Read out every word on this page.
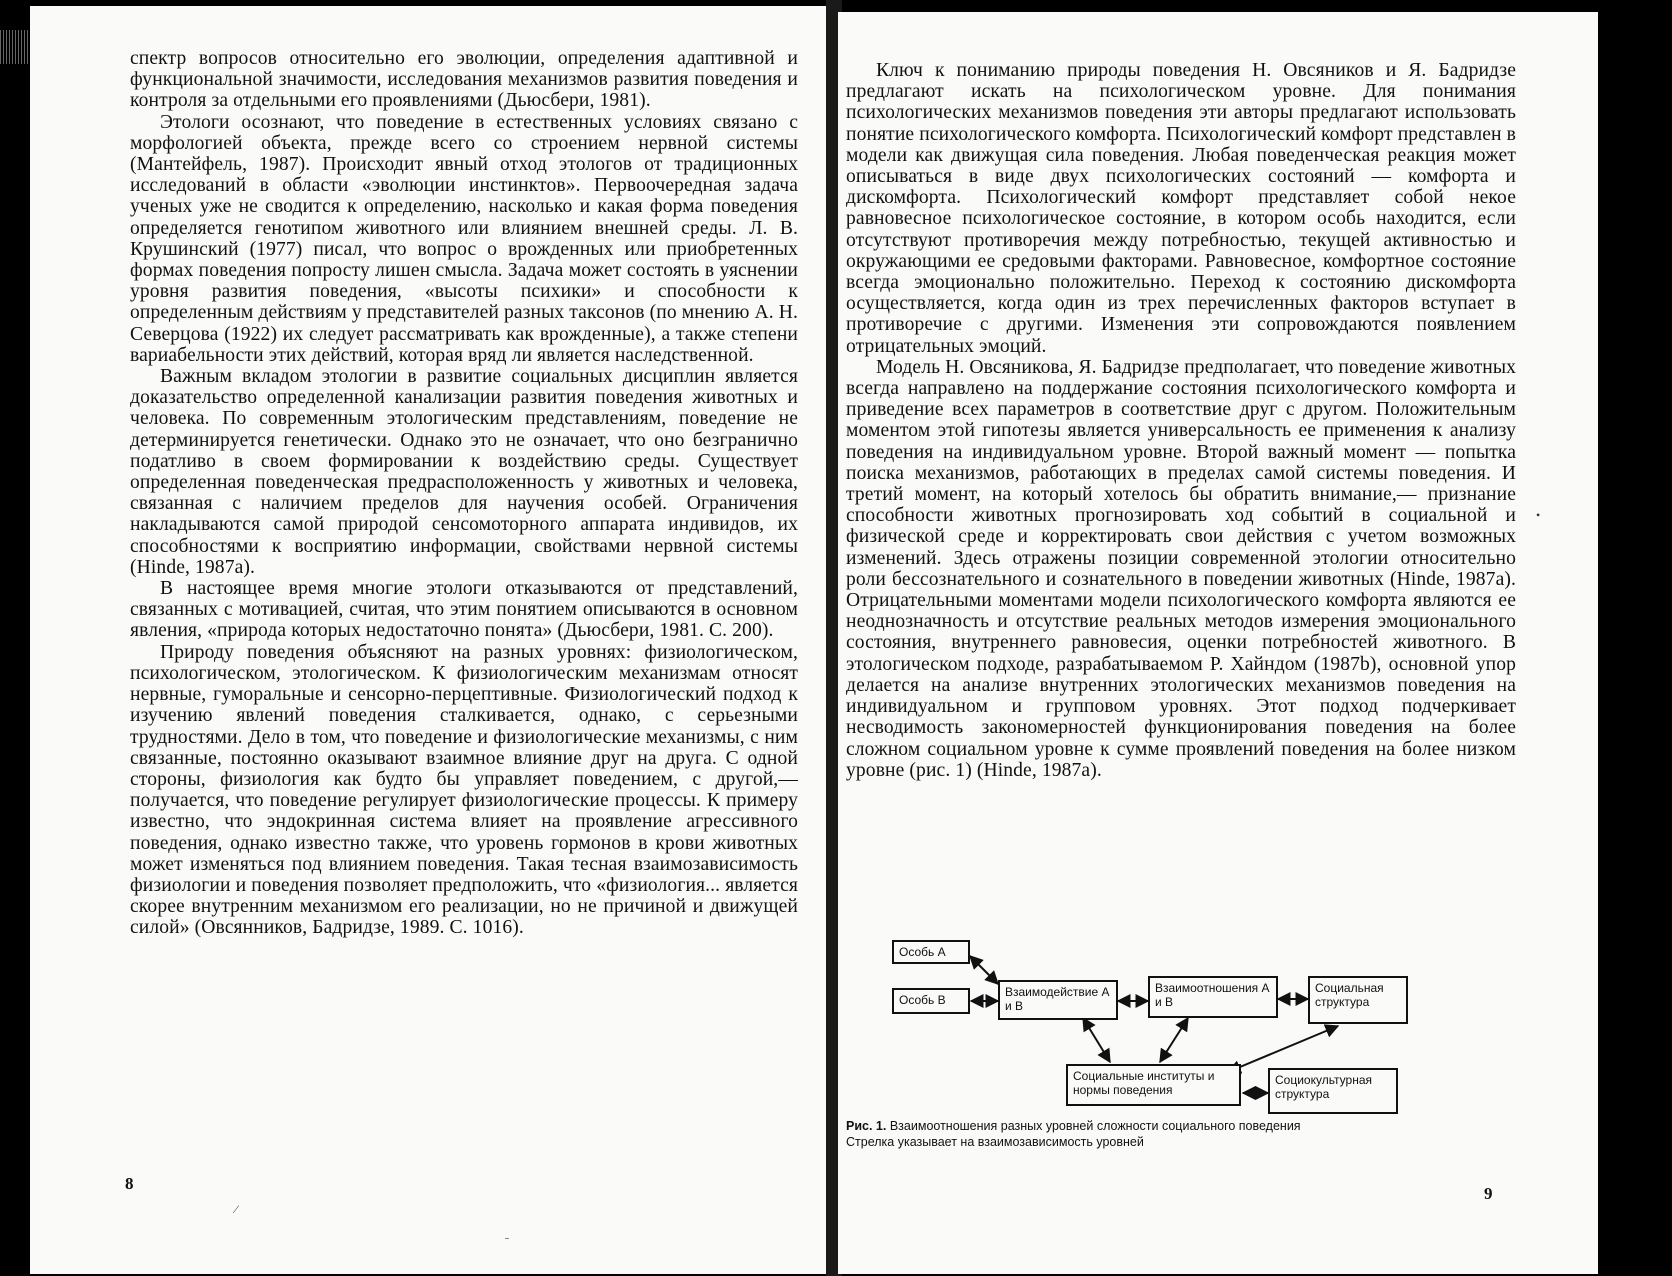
спектр вопросов относительно его эволюции, определения адаптивной и функциональной значимости, исследования механизмов развития поведения и контроля за отдельными его проявлениями (Дьюсбери, 1981).

Этологи осознают, что поведение в естественных условиях связано с морфологией объекта, прежде всего со строением нервной системы (Мантейфель, 1987). Происходит явный отход этологов от традиционных исследований в области «эволюции инстинктов». Первоочередная задача ученых уже не сводится к определению, насколько и какая форма поведения определяется генотипом животного или влиянием внешней среды. Л. В. Крушинский (1977) писал, что вопрос о врожденных или приобретенных формах поведения попросту лишен смысла. Задача может состоять в уяснении уровня развития поведения, «высоты психики» и способности к определенным действиям у представителей разных таксонов (по мнению А. Н. Северцова (1922) их следует рассматривать как врожденные), а также степени вариабельности этих действий, которая вряд ли является наследственной.

Важным вкладом этологии в развитие социальных дисциплин является доказательство определенной канализации развития поведения животных и человека. По современным этологическим представлениям, поведение не детерминируется генетически. Однако это не означает, что оно безгранично податливо в своем формировании к воздействию среды. Существует определенная поведенческая предрасположенность у животных и человека, связанная с наличием пределов для научения особей. Ограничения накладываются самой природой сенсомоторного аппарата индивидов, их способностями к восприятию информации, свойствами нервной системы (Hinde, 1987a).

В настоящее время многие этологи отказываются от представлений, связанных с мотивацией, считая, что этим понятием описываются в основном явления, «природа которых недостаточно понята» (Дьюсбери, 1981. С. 200).

Природу поведения объясняют на разных уровнях: физиологическом, психологическом, этологическом. К физиологическим механизмам относят нервные, гуморальные и сенсорно-перцептивные. Физиологический подход к изучению явлений поведения сталкивается, однако, с серьезными трудностями. Дело в том, что поведение и физиологические механизмы, с ним связанные, постоянно оказывают взаимное влияние друг на друга. С одной стороны, физиология как будто бы управляет поведением, с другой,— получается, что поведение регулирует физиологические процессы. К примеру известно, что эндокринная система влияет на проявление агрессивного поведения, однако известно также, что уровень гормонов в крови животных может изменяться под влиянием поведения. Такая тесная взаимозависимость физиологии и поведения позволяет предположить, что «физиология... является скорее внутренним механизмом его реализации, но не причиной и движущей силой» (Овсянников, Бадридзе, 1989. С. 1016).

8
⁄
ˉ

Ключ к пониманию природы поведения Н. Овсяников и Я. Бадридзе предлагают искать на психологическом уровне. Для понимания психологических механизмов поведения эти авторы предлагают использовать понятие психологического комфорта. Психологический комфорт представлен в модели как движущая сила поведения. Любая поведенческая реакция может описываться в виде двух психологических состояний — комфорта и дискомфорта. Психологический комфорт представляет собой некое равновесное психологическое состояние, в котором особь находится, если отсутствуют противоречия между потребностью, текущей активностью и окружающими ее средовыми факторами. Равновесное, комфортное состояние всегда эмоционально положительно. Переход к состоянию дискомфорта осуществляется, когда один из трех перечисленных факторов вступает в противоречие с другими. Изменения эти сопровождаются появлением отрицательных эмоций.

Модель Н. Овсяникова, Я. Бадридзе предполагает, что поведение животных всегда направлено на поддержание состояния психологического комфорта и приведение всех параметров в соответствие друг с другом. Положительным моментом этой гипотезы является универсальность ее применения к анализу поведения на индивидуальном уровне. Второй важный момент — попытка поиска механизмов, работающих в пределах самой системы поведения. И третий момент, на который хотелось бы обратить внимание,— признание способности животных прогнозировать ход событий в социальной и физической среде и корректировать свои действия с учетом возможных изменений. Здесь отражены позиции современной этологии относительно роли бессознательного и сознательного в поведении животных (Hinde, 1987a). Отрицательными моментами модели психологического комфорта являются ее неоднозначность и отсутствие реальных методов измерения эмоционального состояния, внутреннего равновесия, оценки потребностей животного. В этологическом подходе, разрабатываемом Р. Хайндом (1987b), основной упор делается на анализе внутренних этологических механизмов поведения на индивидуальном и групповом уровнях. Этот подход подчеркивает несводимость закономерностей функционирования поведения на более сложном социальном уровне к сумме проявлений поведения на более низком уровне (рис. 1) (Hinde, 1987a).

Особь А
Особь В
Взаимодействие А и В
Взаимоотношения А и В
Социальная структура
Социальные институты и нормы поведения
Социокультурная структура
Рис. 1. Взаимоотношения разных уровней сложности социального поведения
Стрелка указывает на взаимозависимость уровней
•
9
